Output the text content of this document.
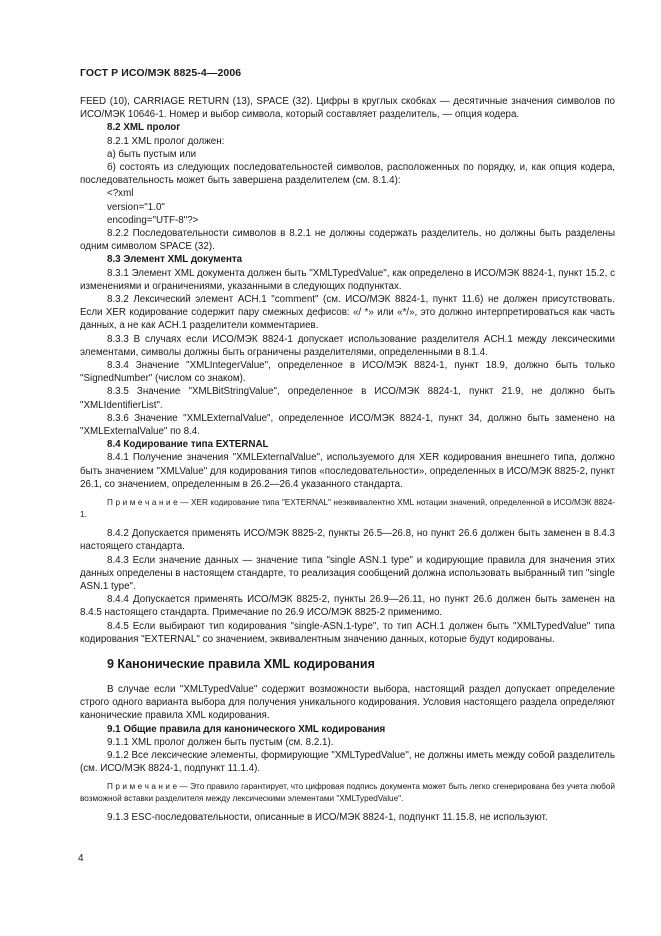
ГОСТ Р ИСО/МЭК 8825-4—2006

FEED (10), CARRIAGE RETURN (13), SPACE (32). Цифры в круглых скобках — десятичные значения символов по ИСО/МЭК 10646-1. Номер и выбор символа, который составляет разделитель, — опция кодера.

8.2 XML пролог

8.2.1 XML пролог должен:

а) быть пустым или

б) состоять из следующих последовательностей символов, расположенных по порядку, и, как опция кодера, последовательность может быть завершена разделителем (см. 8.1.4):

<?xml

version="1.0"

encoding="UTF-8"?>

8.2.2 Последовательности символов в 8.2.1 не должны содержать разделитель, но должны быть разделены одним символом SPACE (32).

8.3 Элемент XML документа

8.3.1 Элемент XML документа должен быть "XMLTypedValue", как определено в ИСО/МЭК 8824-1, пункт 15.2, с изменениями и ограничениями, указанными в следующих подпунктах.

8.3.2 Лексический элемент ACH.1 "comment" (см. ИСО/МЭК 8824-1, пункт 11.6) не должен присутствовать. Если XER кодирование содержит пару смежных дефисов: «/ *» или «*/», это должно интерпретироваться как часть данных, а не как ACH.1 разделители комментариев.

8.3.3 В случаях если ИСО/МЭК 8824-1 допускает использование разделителя ACH.1 между лексическими элементами, символы должны быть ограничены разделителями, определенными в 8.1.4.

8.3.4 Значение "XMLIntegerValue", определенное в ИСО/МЭК 8824-1, пункт 18.9, должно быть только "SignedNumber" (числом со знаком).

8.3.5 Значение "XMLBitStringValue", определенное в ИСО/МЭК 8824-1, пункт 21.9, не должно быть "XMLIdentifierList".

8.3.6 Значение "XMLExternalValue", определенное ИСО/МЭК 8824-1, пункт 34, должно быть заменено на "XMLExternalValue" по 8.4.

8.4 Кодирование типа EXTERNAL

8.4.1 Получение значения "XMLExternalValue", используемого для XER кодирования внешнего типа, должно быть значением "XMLValue" для кодирования типов «последовательности», определенных в ИСО/МЭК 8825-2, пункт 26.1, со значением, определенным в 26.2—26.4 указанного стандарта.

П р и м е ч а н и е — XER кодирование типа "EXTERNAL" неэквивалентно XML нотации значений, определенной в ИСО/МЭК 8824-1.

8.4.2 Допускается применять ИСО/МЭК 8825-2, пункты 26.5—26.8, но пункт 26.6 должен быть заменен в 8.4.3 настоящего стандарта.

8.4.3 Если значение данных — значение типа "single ASN.1 type" и кодирующие правила для значения этих данных определены в настоящем стандарте, то реализация сообщений должна использовать выбранный тип "single ASN.1 type".

8.4.4 Допускается применять ИСО/МЭК 8825-2, пункты 26.9—26.11, но пункт 26.6 должен быть заменен на 8.4.5 настоящего стандарта. Примечание по 26.9 ИСО/МЭК 8825-2 применимо.

8.4.5 Если выбирают тип кодирования "single-ASN.1-type", то тип ACH.1 должен быть "XMLTypedValue" типа кодирования "EXTERNAL" со значением, эквивалентным значению данных, которые будут кодированы.

9 Канонические правила XML кодирования

В случае если "XMLTypedValue" содержит возможности выбора, настоящий раздел допускает определение строго одного варианта выбора для получения уникального кодирования. Условия настоящего раздела определяют канонические правила XML кодирования.

9.1 Общие правила для канонического XML кодирования

9.1.1 XML пролог должен быть пустым (см. 8.2.1).

9.1.2 Все лексические элементы, формирующие "XMLTypedValue", не должны иметь между собой разделитель (см. ИСО/МЭК 8824-1, подпункт 11.1.4).

П р и м е ч а н и е — Это правило гарантирует, что цифровая подпись документа может быть легко сгенерирована без учета любой возможной вставки разделителя между лексическими элементами "XMLTypedValue".

9.1.3 ESC-последовательности, описанные в ИСО/МЭК 8824-1, подпункт 11.15.8, не используют.

4
